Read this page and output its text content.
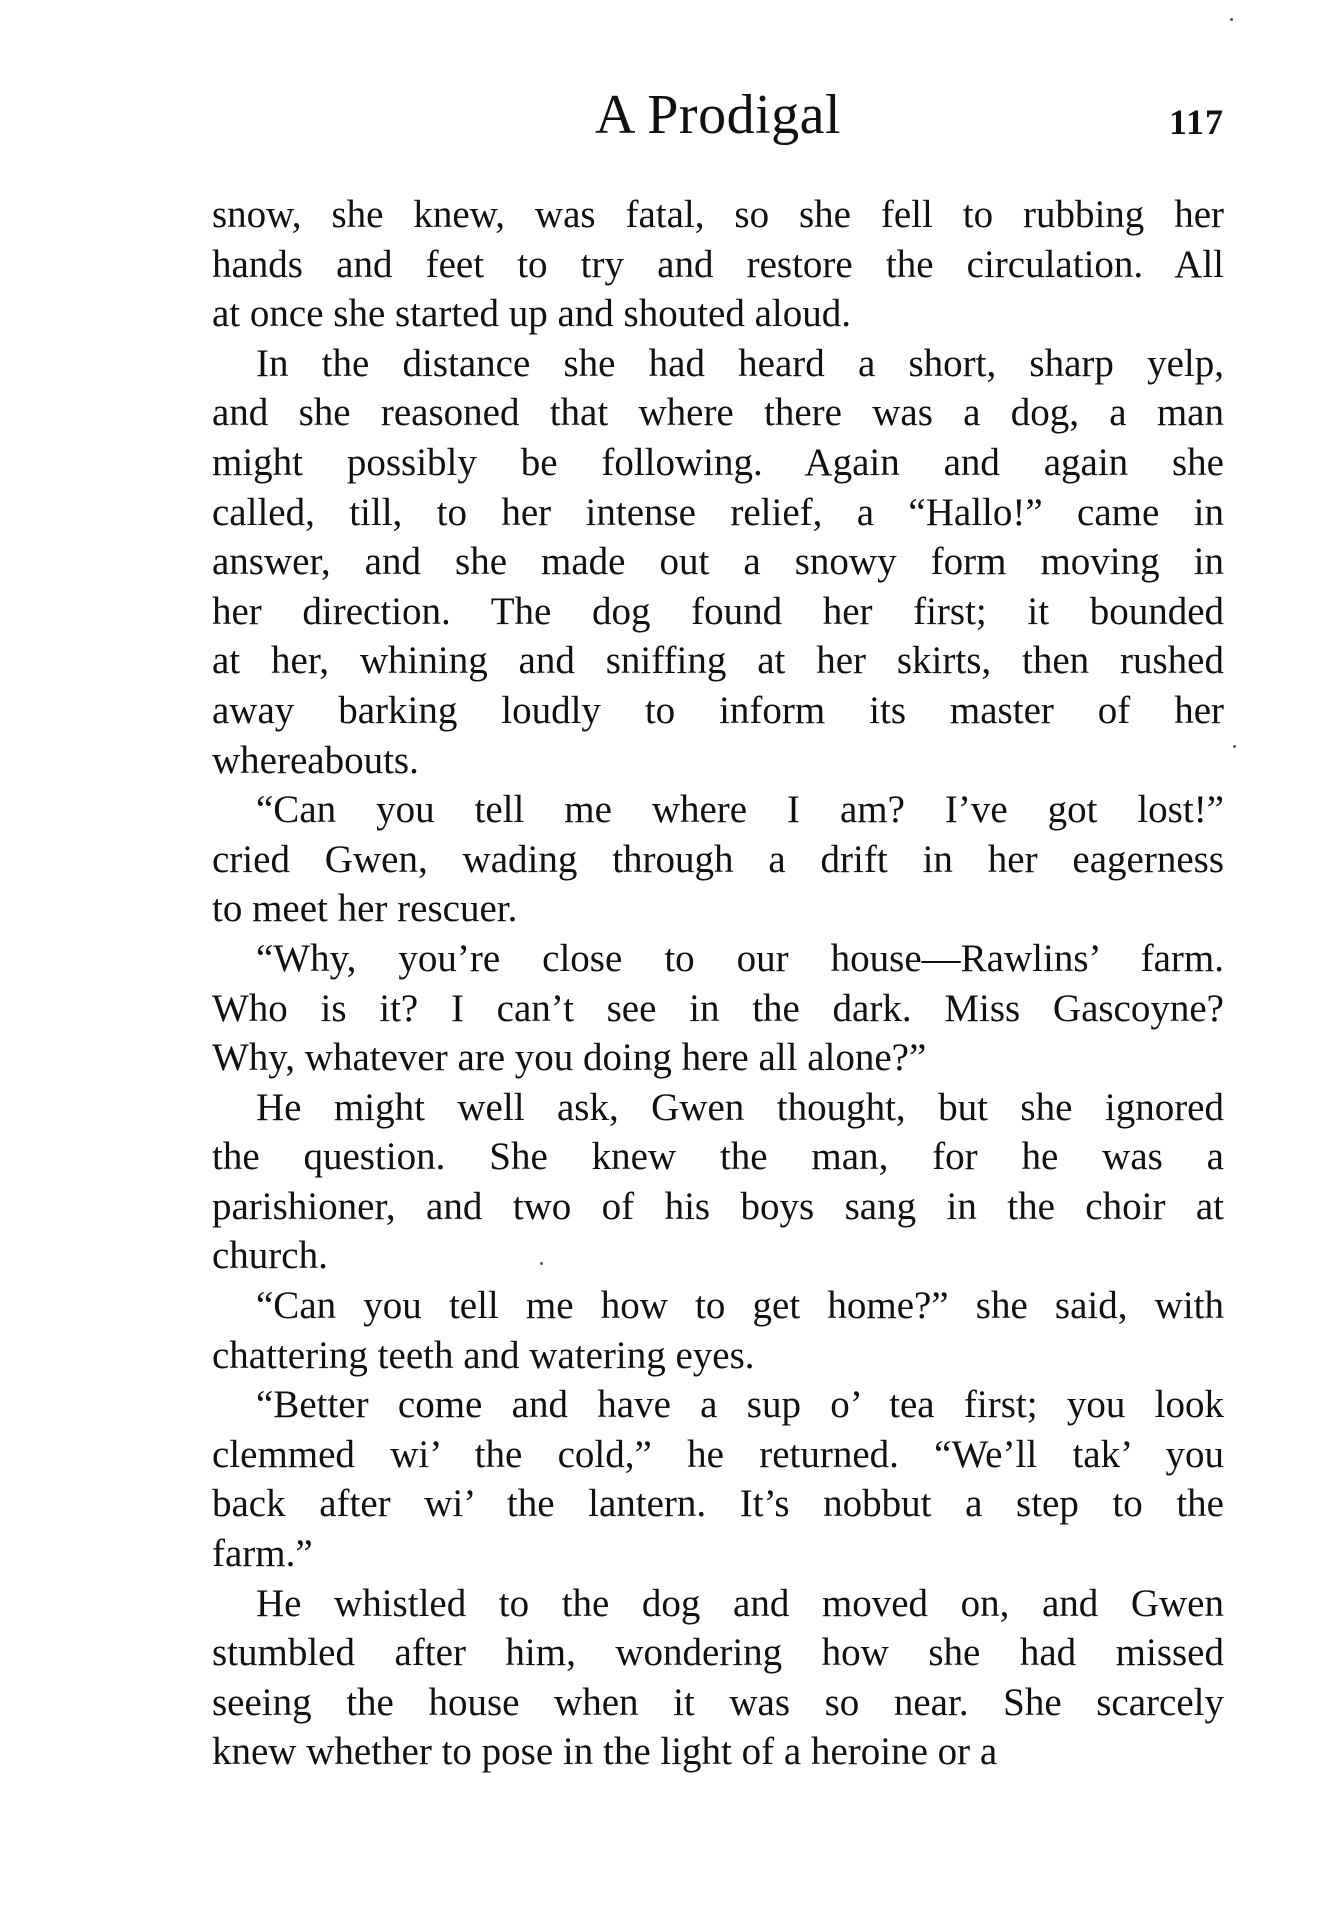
A Prodigal	117
snow, she knew, was fatal, so she fell to rubbing her
hands and feet to try and restore the circulation. All
at once she started up and shouted aloud.
In the distance she had heard a short, sharp yelp,
and she reasoned that where there was a dog, a man
might possibly be following. Again and again she
called, till, to her intense relief, a “Hallo!” came in
answer, and she made out a snowy form moving in
her direction. The dog found her first; it bounded
at her, whining and sniffing at her skirts, then rushed
away barking loudly to inform its master of her
whereabouts.
“Can you tell me where I am? I’ve got lost!”
cried Gwen, wading through a drift in her eagerness
to meet her rescuer.
“Why, you’re close to our house—Rawlins’ farm.
Who is it? I can’t see in the dark. Miss Gascoyne?
Why, whatever are you doing here all alone?”
He might well ask, Gwen thought, but she ignored
the question. She knew the man, for he was a
parishioner, and two of his boys sang in the choir at
church.
“Can you tell me how to get home?” she said, with
chattering teeth and watering eyes.
“Better come and have a sup o’ tea first; you look
clemmed wi’ the cold,” he returned. “We’ll tak’ you
back after wi’ the lantern. It’s nobbut a step to the
farm.”
He whistled to the dog and moved on, and Gwen
stumbled after him, wondering how she had missed
seeing the house when it was so near. She scarcely
knew whether to pose in the light of a heroine or a
